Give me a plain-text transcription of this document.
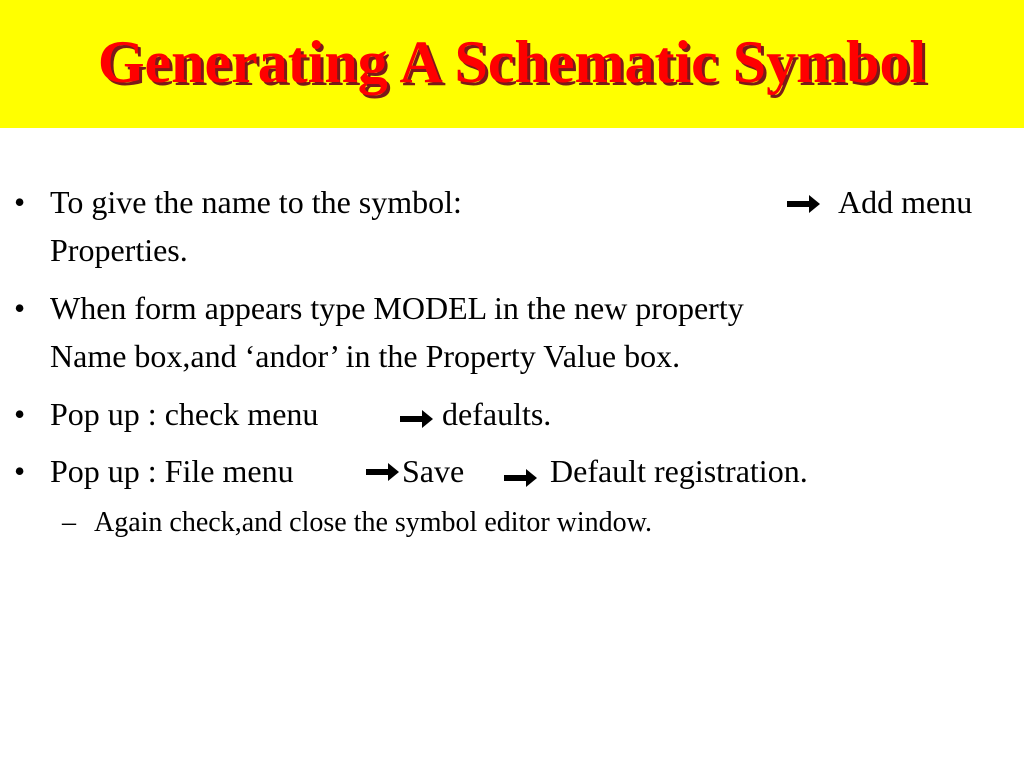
Generating A Schematic Symbol
• To give the name to the symbol:	Add menu
Properties.
• When form appears type MODEL in the new property
Name box,and ‘andor’ in the Property Value box.
• Pop up : check menu	defaults.
• Pop up : File menu	Save	Default registration.
– Again check,and close the symbol editor window.
